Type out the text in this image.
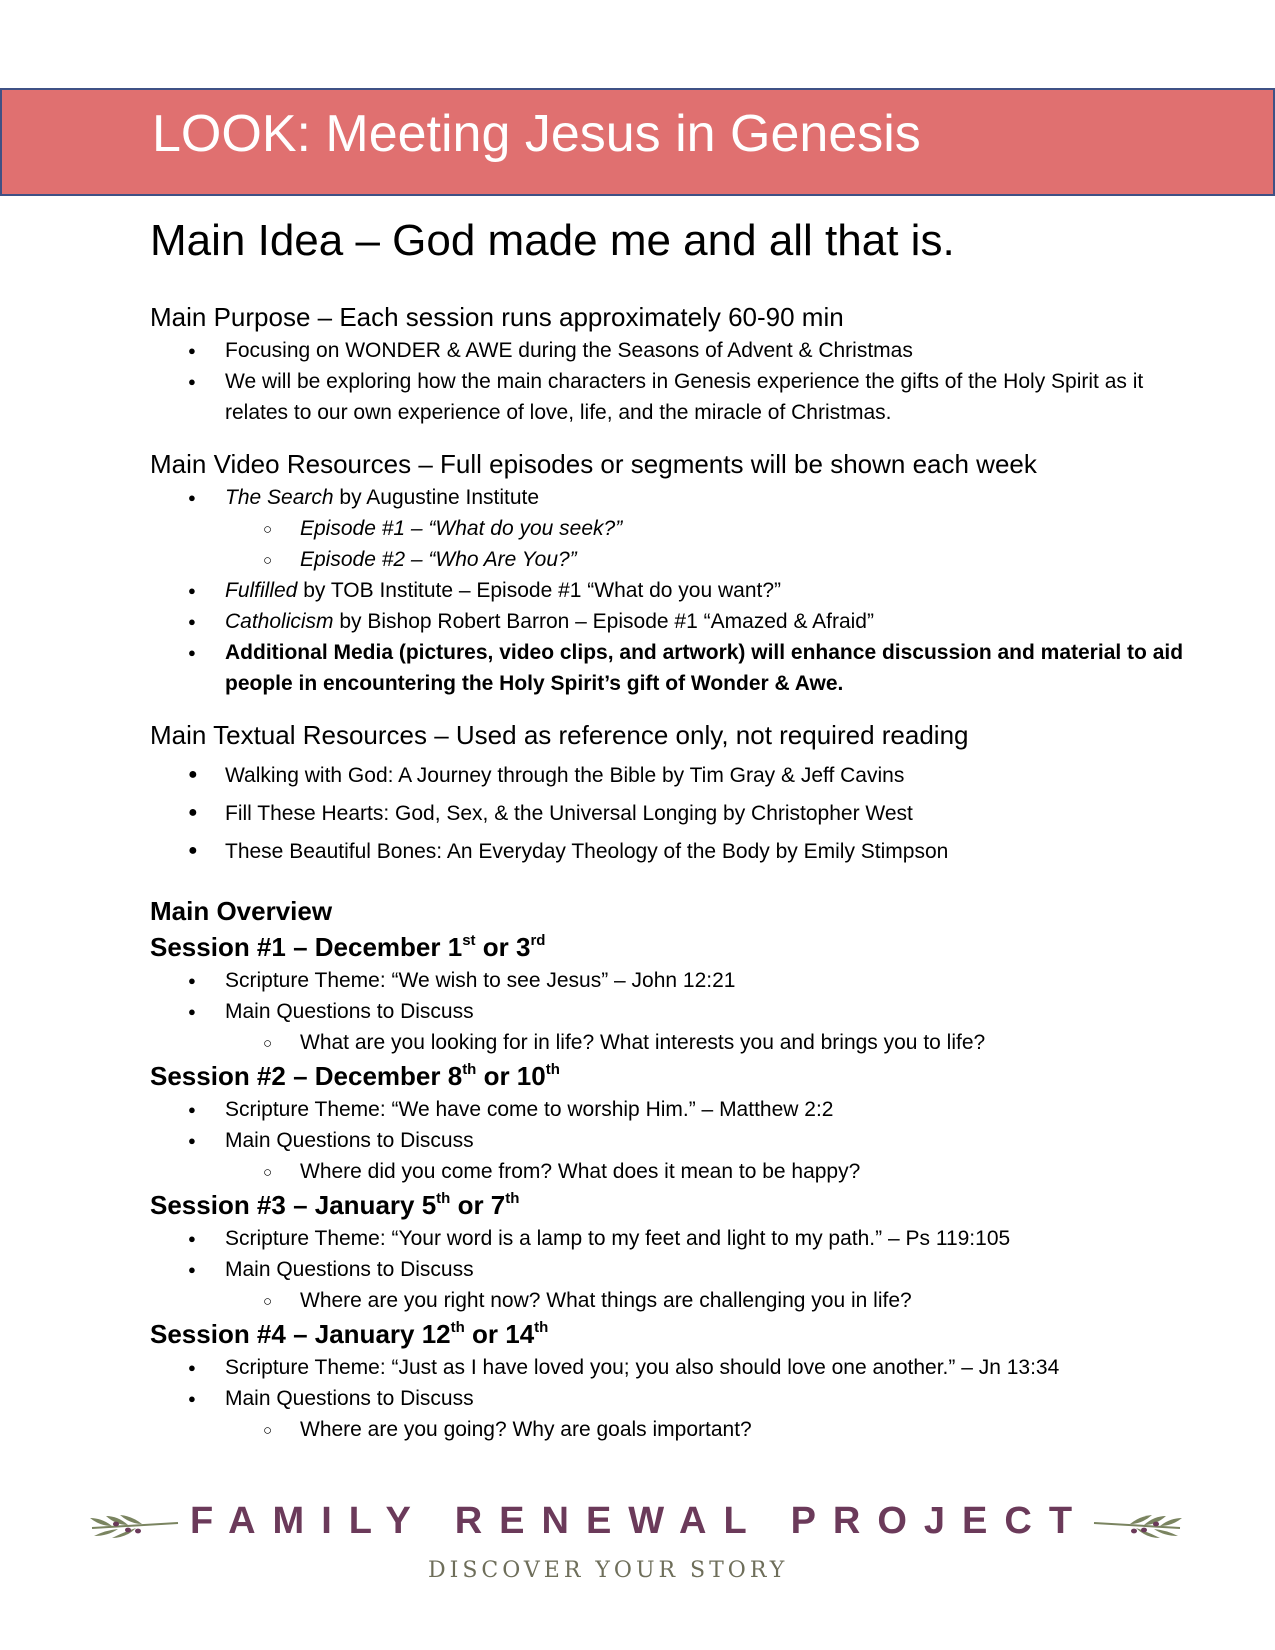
LOOK: Meeting Jesus in Genesis
Main Idea – God made me and all that is.
Main Purpose – Each session runs approximately 60-90 min
● Focusing on WONDER & AWE during the Seasons of Advent & Christmas
● We will be exploring how the main characters in Genesis experience the gifts of the Holy Spirit as it relates to our own experience of love, life, and the miracle of Christmas.
Main Video Resources – Full episodes or segments will be shown each week
● The Search by Augustine Institute
○ Episode #1 – “What do you seek?”
○ Episode #2 – “Who Are You?”
● Fulfilled by TOB Institute – Episode #1 “What do you want?”
● Catholicism by Bishop Robert Barron – Episode #1 “Amazed & Afraid”
● Additional Media (pictures, video clips, and artwork) will enhance discussion and material to aid people in encountering the Holy Spirit’s gift of Wonder & Awe.
Main Textual Resources – Used as reference only, not required reading
● Walking with God: A Journey through the Bible by Tim Gray & Jeff Cavins
● Fill These Hearts: God, Sex, & the Universal Longing by Christopher West
● These Beautiful Bones: An Everyday Theology of the Body by Emily Stimpson
Main Overview
Session #1 – December 1st or 3rd
● Scripture Theme: “We wish to see Jesus” – John 12:21
● Main Questions to Discuss
○ What are you looking for in life? What interests you and brings you to life?
Session #2 – December 8th or 10th
● Scripture Theme: “We have come to worship Him.” – Matthew 2:2
● Main Questions to Discuss
○ Where did you come from? What does it mean to be happy?
Session #3 – January 5th or 7th
● Scripture Theme: “Your word is a lamp to my feet and light to my path.” – Ps 119:105
● Main Questions to Discuss
○ Where are you right now? What things are challenging you in life?
Session #4 – January 12th or 14th
● Scripture Theme: “Just as I have loved you; you also should love one another.” – Jn 13:34
● Main Questions to Discuss
○ Where are you going? Why are goals important?
FAMILY RENEWAL PROJECT
DISCOVER YOUR STORY
